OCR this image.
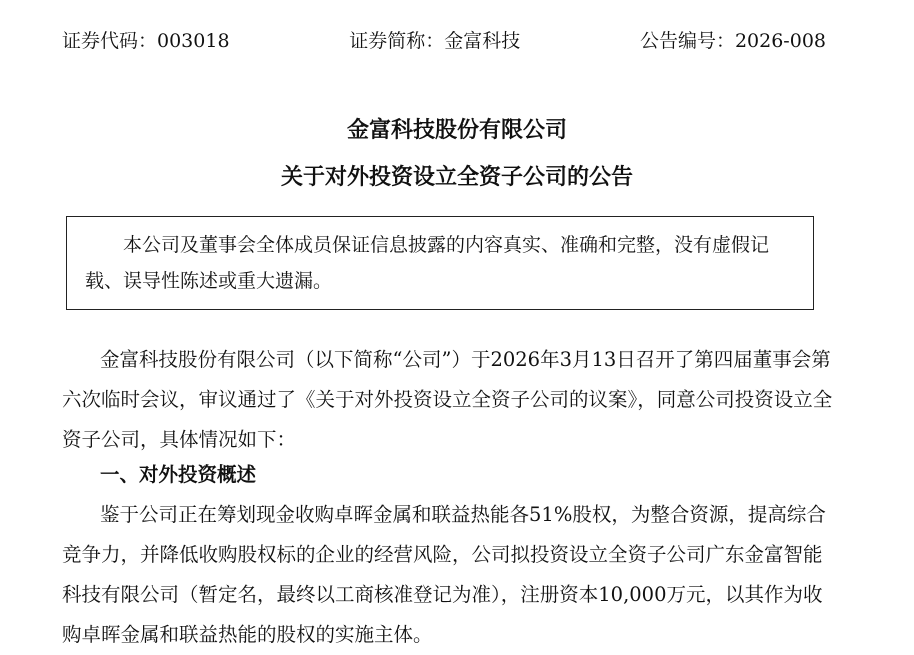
证券代码：003018	证券简称：金富科技	公告编号：2026-008
金富科技股份有限公司
关于对外投资设立全资子公司的公告

本公司及董事会全体成员保证信息披露的内容真实、准确和完整，没有虚假记载、误导性陈述或重大遗漏。

金富科技股份有限公司（以下简称“公司”）于2026年3月13日召开了第四届董事会第六次临时会议，审议通过了《关于对外投资设立全资子公司的议案》，同意公司投资设立全资子公司，具体情况如下：

一、对外投资概述

鉴于公司正在筹划现金收购卓晖金属和联益热能各51%股权，为整合资源，提高综合竞争力，并降低收购股权标的企业的经营风险，公司拟投资设立全资子公司广东金富智能科技有限公司（暂定名，最终以工商核准登记为准），注册资本10,000万元，以其作为收购卓晖金属和联益热能的股权的实施主体。
